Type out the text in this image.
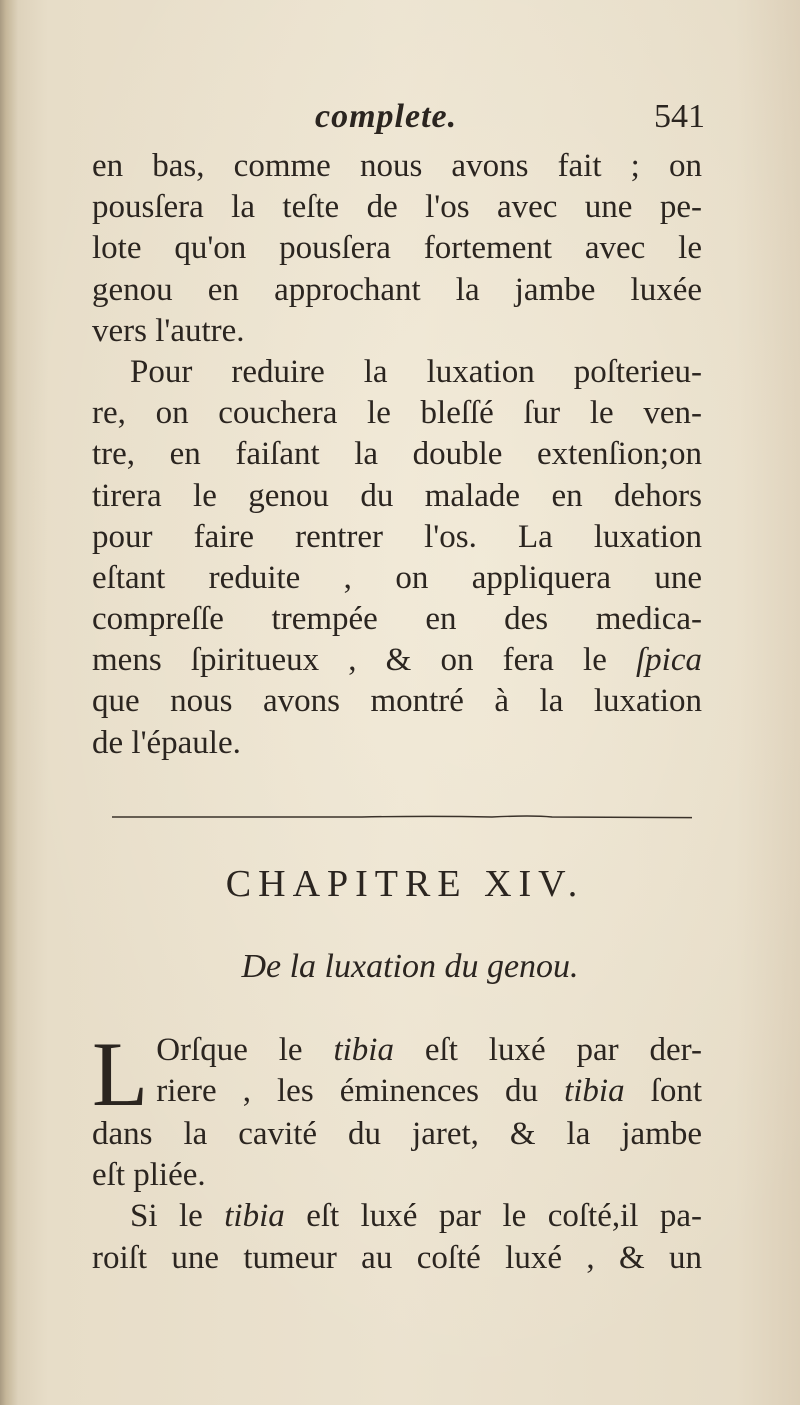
complete.	541
en bas, comme nous avons fait ; on
pousſera la teſte de l'os avec une pe-
lote qu'on pousſera fortement avec le
genou en approchant la jambe luxée
vers l'autre.
Pour reduire la luxation poſterieu-
re, on couchera le bleſſé ſur le ven-
tre, en faiſant la double extenſion;on
tirera le genou du malade en dehors
pour faire rentrer l'os. La luxation
eſtant reduite , on appliquera une
compreſſe trempée en des medica-
mens ſpiritueux , & on fera le ſpica
que nous avons montré à la luxation
de l'épaule.
CHAPITRE XIV.
De la luxation du genou.
L Orſque le tibia eſt luxé par der-
riere , les éminences du tibia ſont
dans la cavité du jaret, & la jambe
eſt pliée.
Si le tibia eſt luxé par le coſté,il pa-
roiſt une tumeur au coſté luxé , & un
